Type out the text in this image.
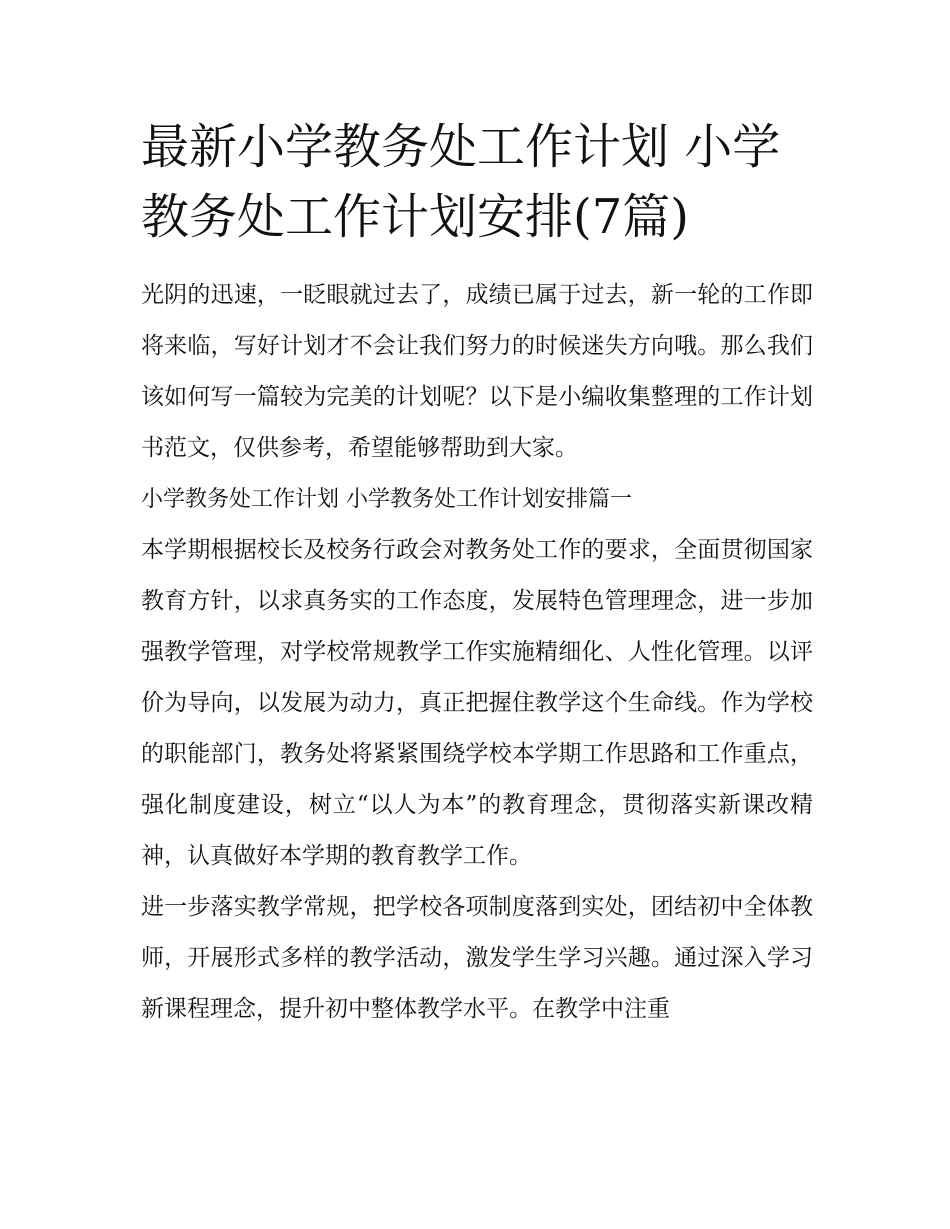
最新小学教务处工作计划 小学教务处工作计划安排(7篇)

光阴的迅速，一眨眼就过去了，成绩已属于过去，新一轮的工作即将来临，写好计划才不会让我们努力的时候迷失方向哦。那么我们该如何写一篇较为完美的计划呢？以下是小编收集整理的工作计划书范文，仅供参考，希望能够帮助到大家。

小学教务处工作计划 小学教务处工作计划安排篇一

本学期根据校长及校务行政会对教务处工作的要求，全面贯彻国家教育方针，以求真务实的工作态度，发展特色管理理念，进一步加强教学管理，对学校常规教学工作实施精细化、人性化管理。以评价为导向，以发展为动力，真正把握住教学这个生命线。作为学校的职能部门，教务处将紧紧围绕学校本学期工作思路和工作重点，强化制度建设，树立“以人为本”的教育理念，贯彻落实新课改精神，认真做好本学期的教育教学工作。

进一步落实教学常规，把学校各项制度落到实处，团结初中全体教师，开展形式多样的教学活动，激发学生学习兴趣。通过深入学习新课程理念，提升初中整体教学水平。在教学中注重
